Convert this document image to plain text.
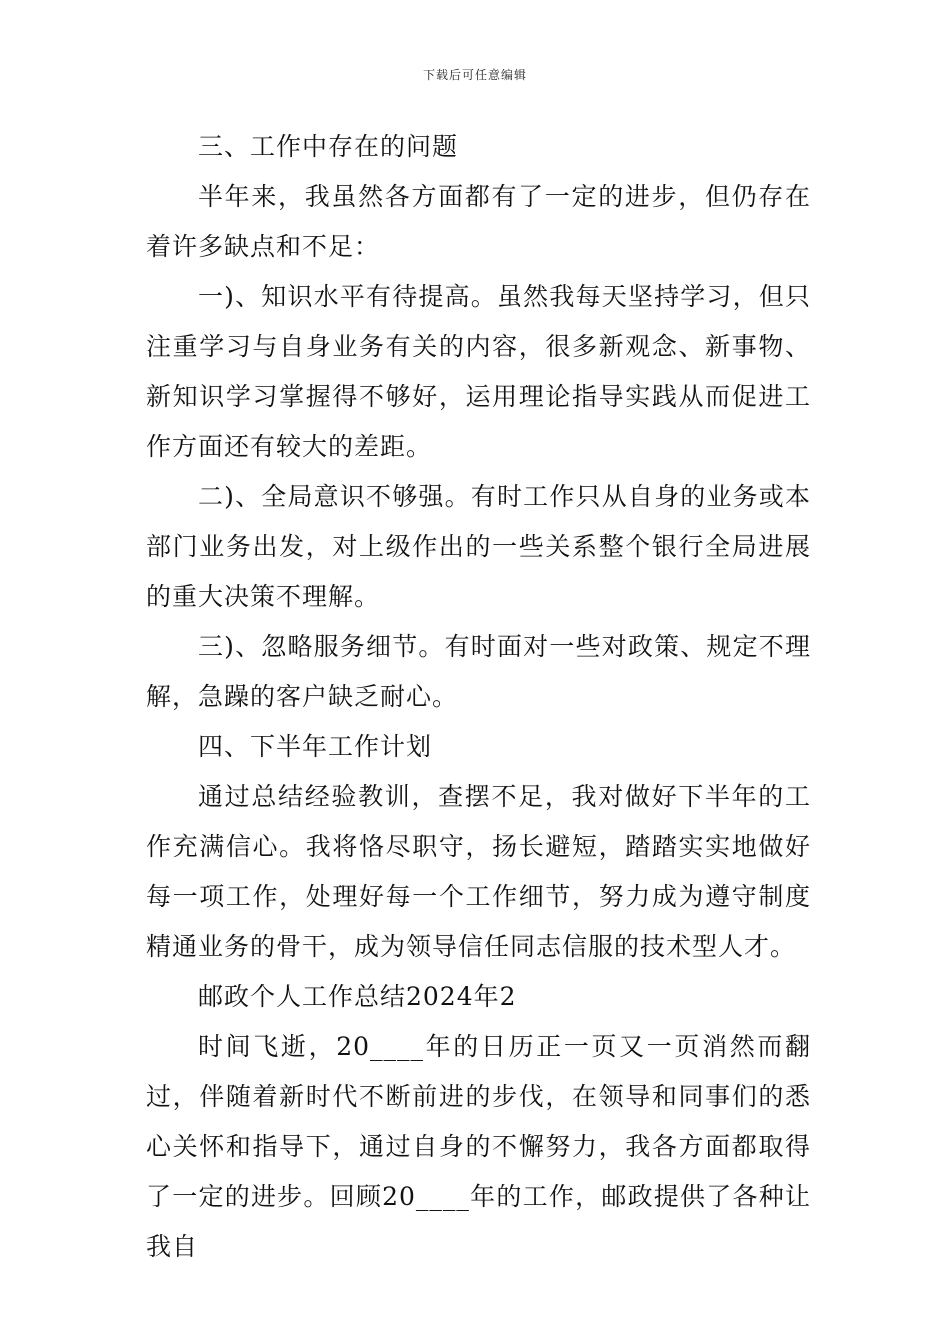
下载后可任意编辑

三、工作中存在的问题

半年来，我虽然各方面都有了一定的进步，但仍存在着许多缺点和不足：

一)、知识水平有待提高。虽然我每天坚持学习，但只注重学习与自身业务有关的内容，很多新观念、新事物、新知识学习掌握得不够好，运用理论指导实践从而促进工作方面还有较大的差距。

二)、全局意识不够强。有时工作只从自身的业务或本部门业务出发，对上级作出的一些关系整个银行全局进展的重大决策不理解。

三)、忽略服务细节。有时面对一些对政策、规定不理解，急躁的客户缺乏耐心。

四、下半年工作计划

通过总结经验教训，查摆不足，我对做好下半年的工作充满信心。我将恪尽职守，扬长避短，踏踏实实地做好每一项工作，处理好每一个工作细节，努力成为遵守制度精通业务的骨干，成为领导信任同志信服的技术型人才。

邮政个人工作总结2024年2

时间飞逝，20____年的日历正一页又一页消然而翻过，伴随着新时代不断前进的步伐，在领导和同事们的悉心关怀和指导下，通过自身的不懈努力，我各方面都取得了一定的进步。回顾20____年的工作，邮政提供了各种让我自
